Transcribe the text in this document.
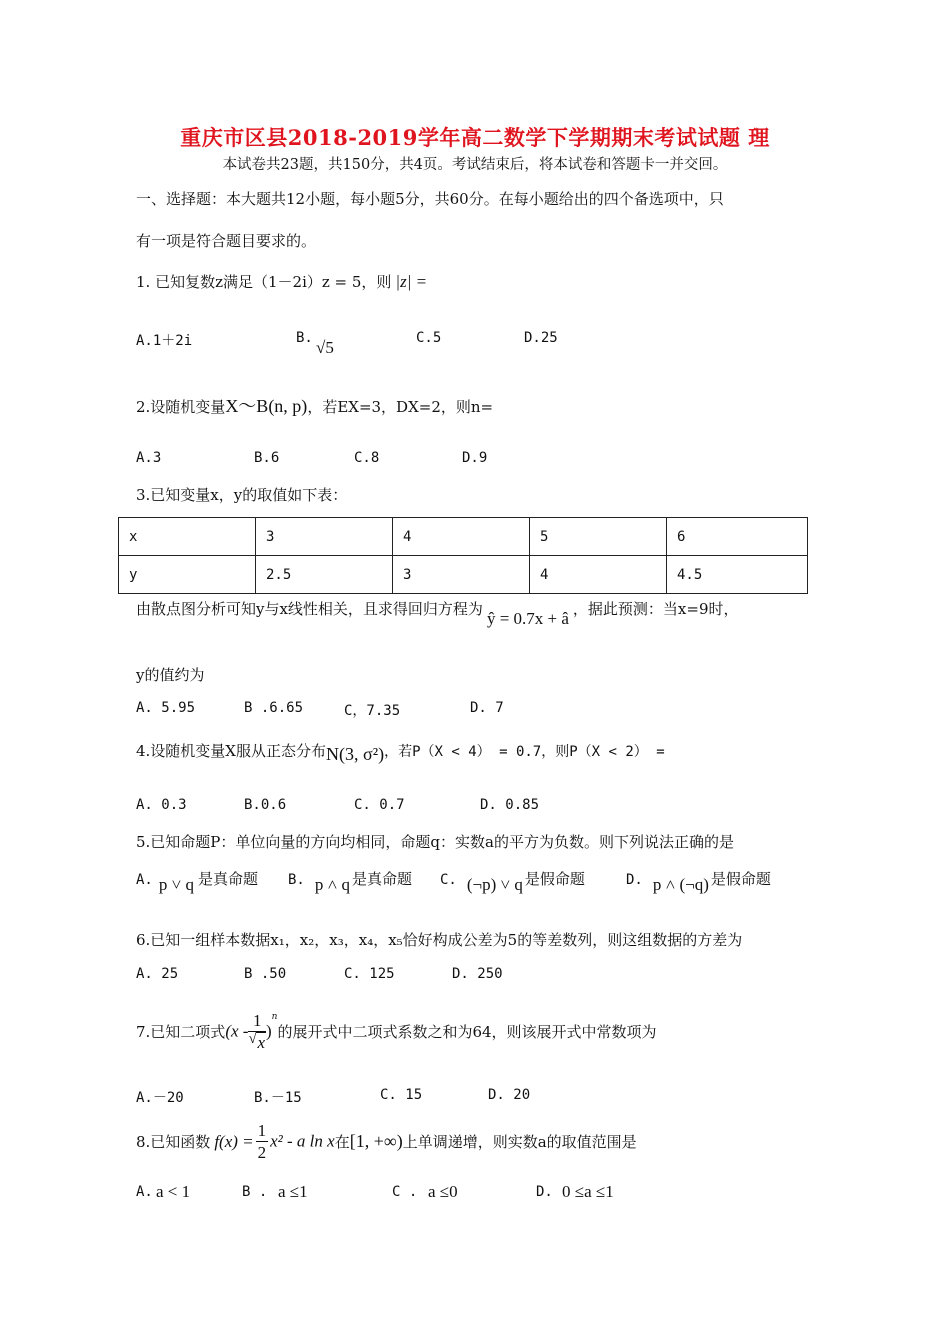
重庆市区县2018-2019学年高二数学下学期期末考试试题 理
本试卷共23题，共150分，共4页。考试结束后，将本试卷和答题卡一并交回。
一、选择题：本大题共12小题，每小题5分，共60分。在每小题给出的四个备选项中，只
有一项是符合题目要求的。
1. 已知复数z满足（1－2i）z = 5，则 |z| =
A.1＋2i	B. √5	C.5	D.25
2.设随机变量X～B(n, p)，若EX=3，DX=2，则n=
A.3	B.6	C.8	D.9
3.已知变量x，y的取值如下表：
x	3	4	5	6
y	2.5	3	4	4.5
由散点图分析可知y与x线性相关，且求得回归方程为 ŷ = 0.7x + â ，据此预测：当x=9时，
y的值约为
A. 5.95	B .6.65	C，7.35	D. 7
4.设随机变量X服从正态分布N(3, σ²)，若P（X < 4） = 0.7，则P（X < 2） =
A. 0.3	B.0.6	C. 0.7	D. 0.85
5.已知命题P：单位向量的方向均相同，命题q：实数a的平方为负数。则下列说法正确的是
A. p ˅ q 是真命题 B. p ˄ q 是真命题 C. (¬p) ˅ q 是假命题	D. p ˄ (¬q) 是假命题
6.已知一组样本数据x₁，x₂，x₃，x₄，x₅恰好构成公差为5的等差数列，则这组数据的方差为
A. 25	B .50	C. 125	D. 250
7.已知二项式$(x - \frac{1}{√ x} )^n$的展开式中二项式系数之和为64，则该展开式中常数项为
A.－20	B.－15	C. 15	D. 20
8.已知函数 $f(x) = \frac{1}{2} x^2 - a$ ln x在[1, +∞)上单调递增，则实数a的取值范围是
A. a < 1	B . a ≤1	C . a ≤0	D. 0 ≤a ≤1
